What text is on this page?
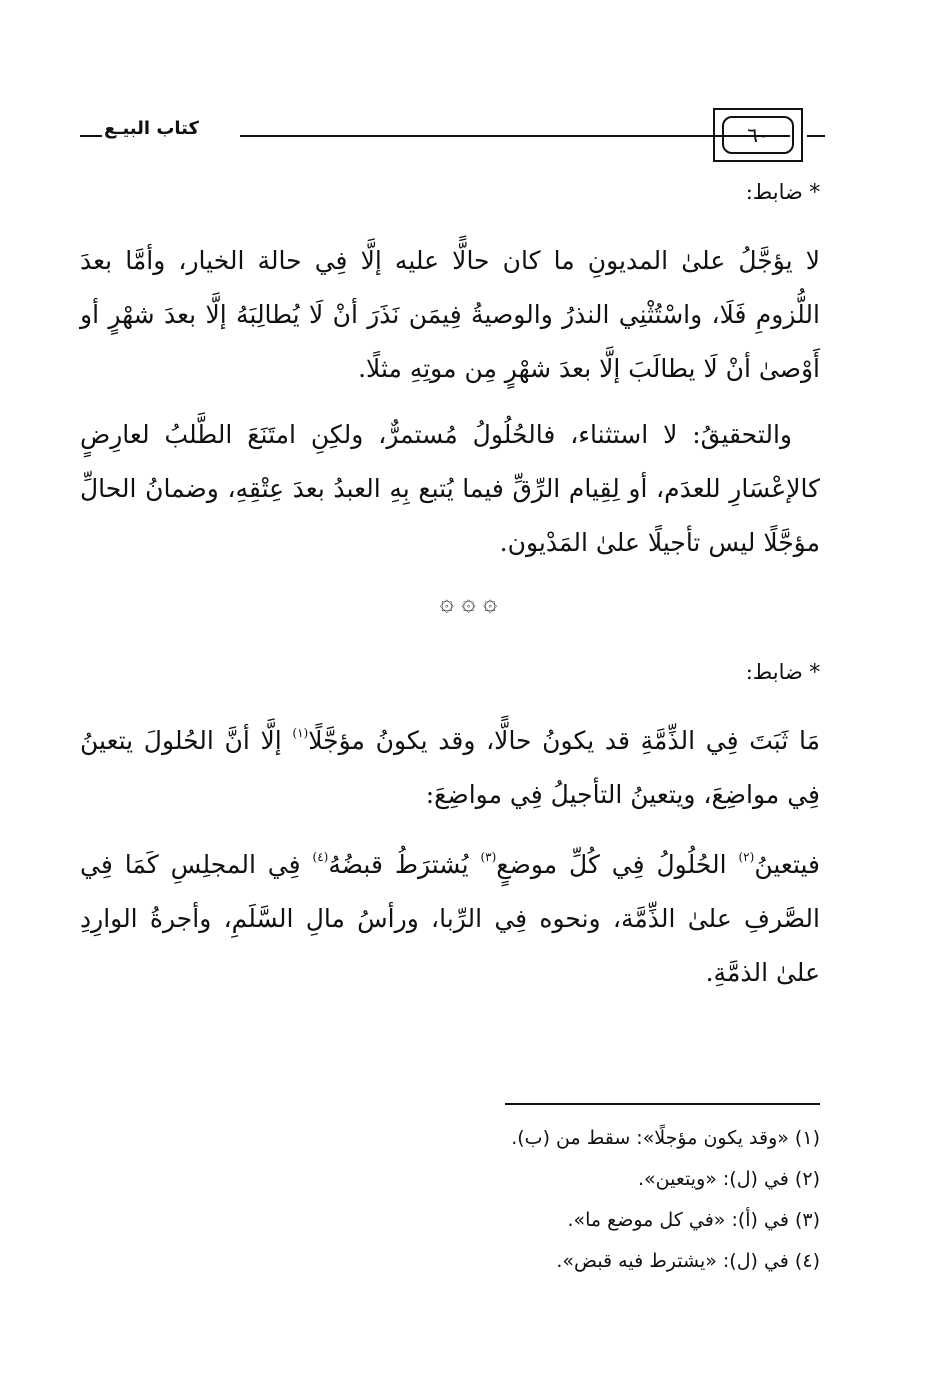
كتاب البيـع	٦٠
* ضابط:
لا يؤجَّلُ علىٰ المديونِ ما كان حالًّا عليه إلَّا فِي حالة الخيار، وأمَّا بعدَ اللُّزومِ فَلَا، واسْتُثْنِي النذرُ والوصيةُ فِيمَن نَذَرَ أنْ لَا يُطالِبَهُ إلَّا بعدَ شهْرٍ أو أَوْصىٰ أنْ لَا يطالَبَ إلَّا بعدَ شهْرٍ مِن موتِهِ مثلًا.
والتحقيقُ: لا استثناء، فالحُلُولُ مُستمرٌّ، ولكِنِ امتَنَعَ الطَّلبُ لعارِضٍ كالإعْسَارِ للعدَم، أو لِقِيام الرِّقِّ فيما يُتبع بِهِ العبدُ بعدَ عِتْقِهِ، وضمانُ الحالِّ مؤجَّلًا ليس تأجيلًا علىٰ المَدْيون.
۞ ۞ ۞
* ضابط:
مَا ثَبَتَ فِي الذِّمَّةِ قد يكونُ حالًّا، وقد يكونُ مؤجَّلًا$^{(١)}$ إلَّا أنَّ الحُلولَ يتعينُ فِي مواضِعَ، ويتعينُ التأجيلُ فِي مواضِعَ:
فيتعينُ$^{(٢)}$ الحُلُولُ فِي كُلِّ موضعٍ$^{(٣)}$ يُشترَطُ قبضُهُ$^{(٤)}$ فِي المجلِسِ كَمَا فِي الصَّرفِ علىٰ الذِّمَّة، ونحوه فِي الرِّبا، ورأسُ مالِ السَّلَمِ، وأجرةُ الوارِدِ علىٰ الذمَّةِ.
(١) «وقد يكون مؤجلًا»: سقط من (ب).
(٢) في (ل): «ويتعين».
(٣) في (أ): «في كل موضع ما».
(٤) في (ل): «يشترط فيه قبض».
